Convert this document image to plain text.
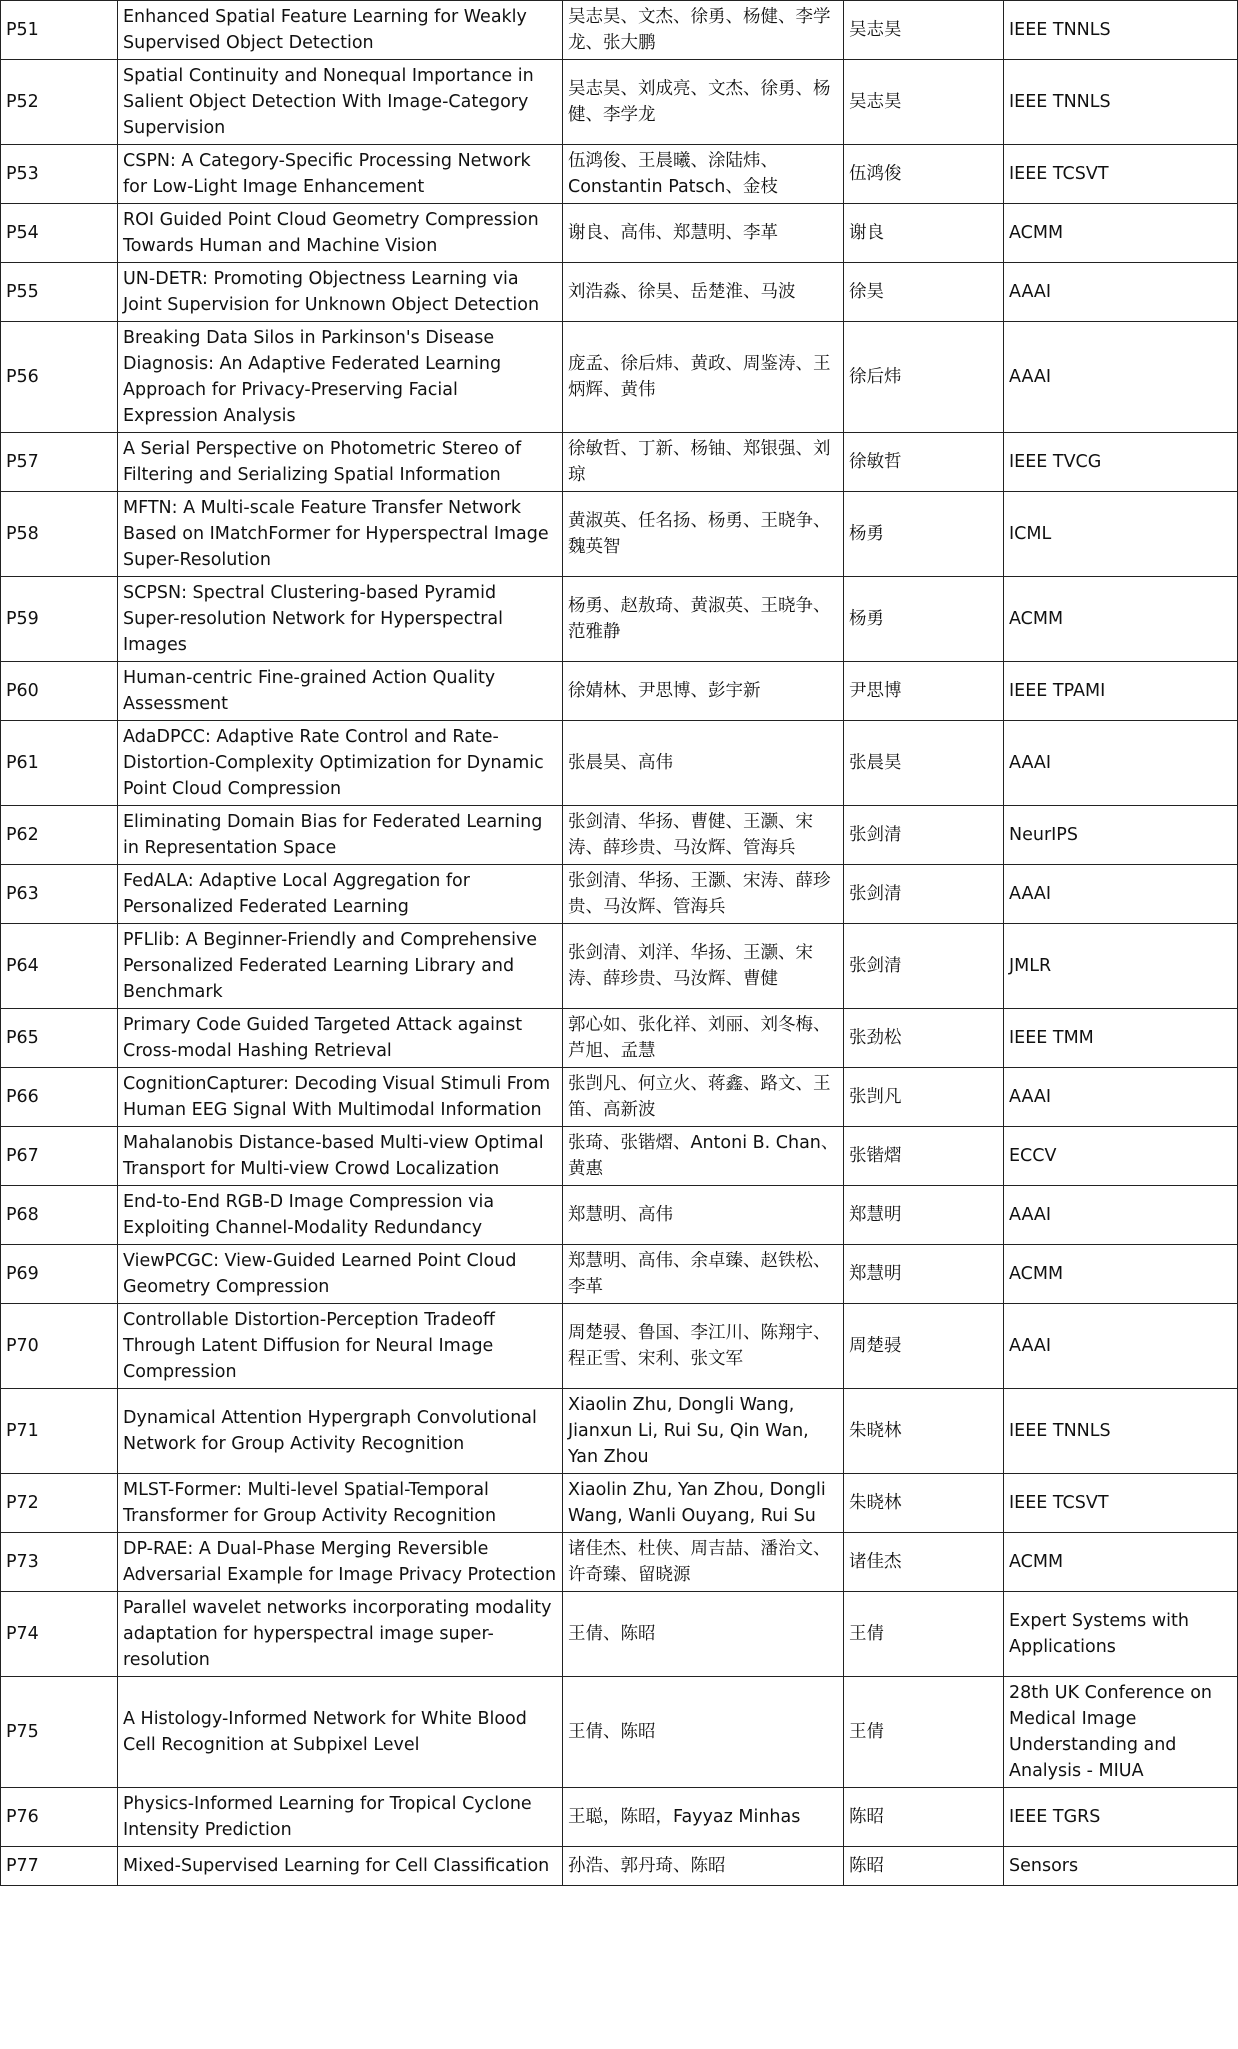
P51	Enhanced Spatial Feature Learning for Weakly Supervised Object Detection	吴志昊、文杰、徐勇、杨健、李学龙、张大鹏	吴志昊	IEEE TNNLS
P52	Spatial Continuity and Nonequal Importance in Salient Object Detection With Image-Category Supervision	吴志昊、刘成亮、文杰、徐勇、杨健、李学龙	吴志昊	IEEE TNNLS
P53	CSPN: A Category-Specific Processing Network for Low-Light Image Enhancement	伍鸿俊、王晨曦、涂陆炜、Constantin Patsch、金枝	伍鸿俊	IEEE TCSVT
P54	ROI Guided Point Cloud Geometry Compression Towards Human and Machine Vision	谢良、高伟、郑慧明、李革	谢良	ACMM
P55	UN-DETR: Promoting Objectness Learning via Joint Supervision for Unknown Object Detection	刘浩淼、徐昊、岳楚淮、马波	徐昊	AAAI
P56	Breaking Data Silos in Parkinson's Disease Diagnosis: An Adaptive Federated Learning Approach for Privacy-Preserving Facial Expression Analysis	庞孟、徐后炜、黄政、周鉴涛、王炳辉、黄伟	徐后炜	AAAI
P57	A Serial Perspective on Photometric Stereo of Filtering and Serializing Spatial Information	徐敏哲、丁新、杨铀、郑银强、刘琼	徐敏哲	IEEE TVCG
P58	MFTN: A Multi-scale Feature Transfer Network Based on IMatchFormer for Hyperspectral Image Super-Resolution	黄淑英、任名扬、杨勇、王晓争、魏英智	杨勇	ICML
P59	SCPSN: Spectral Clustering-based Pyramid Super-resolution Network for Hyperspectral Images	杨勇、赵敖琦、黄淑英、王晓争、范雅静	杨勇	ACMM
P60	Human-centric Fine-grained Action Quality Assessment	徐婧林、尹思博、彭宇新	尹思博	IEEE TPAMI
P61	AdaDPCC: Adaptive Rate Control and Rate-Distortion-Complexity Optimization for Dynamic Point Cloud Compression	张晨昊、高伟	张晨昊	AAAI
P62	Eliminating Domain Bias for Federated Learning in Representation Space	张剑清、华扬、曹健、王灏、宋涛、薛珍贵、马汝辉、管海兵	张剑清	NeurIPS
P63	FedALA: Adaptive Local Aggregation for Personalized Federated Learning	张剑清、华扬、王灏、宋涛、薛珍贵、马汝辉、管海兵	张剑清	AAAI
P64	PFLlib: A Beginner-Friendly and Comprehensive Personalized Federated Learning Library and Benchmark	张剑清、刘洋、华扬、王灏、宋涛、薛珍贵、马汝辉、曹健	张剑清	JMLR
P65	Primary Code Guided Targeted Attack against Cross-modal Hashing Retrieval	郭心如、张化祥、刘丽、刘冬梅、芦旭、孟慧	张劲松	IEEE TMM
P66	CognitionCapturer: Decoding Visual Stimuli From Human EEG Signal With Multimodal Information	张剀凡、何立火、蒋鑫、路文、王笛、高新波	张剀凡	AAAI
P67	Mahalanobis Distance-based Multi-view Optimal Transport for Multi-view Crowd Localization	张琦、张锴熠、Antoni B. Chan、黄惠	张锴熠	ECCV
P68	End-to-End RGB-D Image Compression via Exploiting Channel-Modality Redundancy	郑慧明、高伟	郑慧明	AAAI
P69	ViewPCGC: View-Guided Learned Point Cloud Geometry Compression	郑慧明、高伟、余卓臻、赵铁松、李革	郑慧明	ACMM
P70	Controllable Distortion-Perception Tradeoff Through Latent Diffusion for Neural Image Compression	周楚骎、鲁国、李江川、陈翔宇、程正雪、宋利、张文军	周楚骎	AAAI
P71	Dynamical Attention Hypergraph Convolutional Network for Group Activity Recognition	Xiaolin Zhu, Dongli Wang, Jianxun Li, Rui Su, Qin Wan, Yan Zhou	朱晓林	IEEE TNNLS
P72	MLST-Former: Multi-level Spatial-Temporal Transformer for Group Activity Recognition	Xiaolin Zhu, Yan Zhou, Dongli Wang, Wanli Ouyang, Rui Su	朱晓林	IEEE TCSVT
P73	DP-RAE: A Dual-Phase Merging Reversible Adversarial Example for Image Privacy Protection	诸佳杰、杜侠、周吉喆、潘治文、许奇臻、留晓源	诸佳杰	ACMM
P74	Parallel wavelet networks incorporating modality adaptation for hyperspectral image super-resolution	王倩、陈昭	王倩	Expert Systems with Applications
P75	A Histology-Informed Network for White Blood Cell Recognition at Subpixel Level	王倩、陈昭	王倩	28th UK Conference on Medical Image Understanding and Analysis - MIUA
P76	Physics-Informed Learning for Tropical Cyclone Intensity Prediction	王聪，陈昭，Fayyaz Minhas	陈昭	IEEE TGRS
P77	Mixed-Supervised Learning for Cell Classification	孙浩、郭丹琦、陈昭	陈昭	Sensors
